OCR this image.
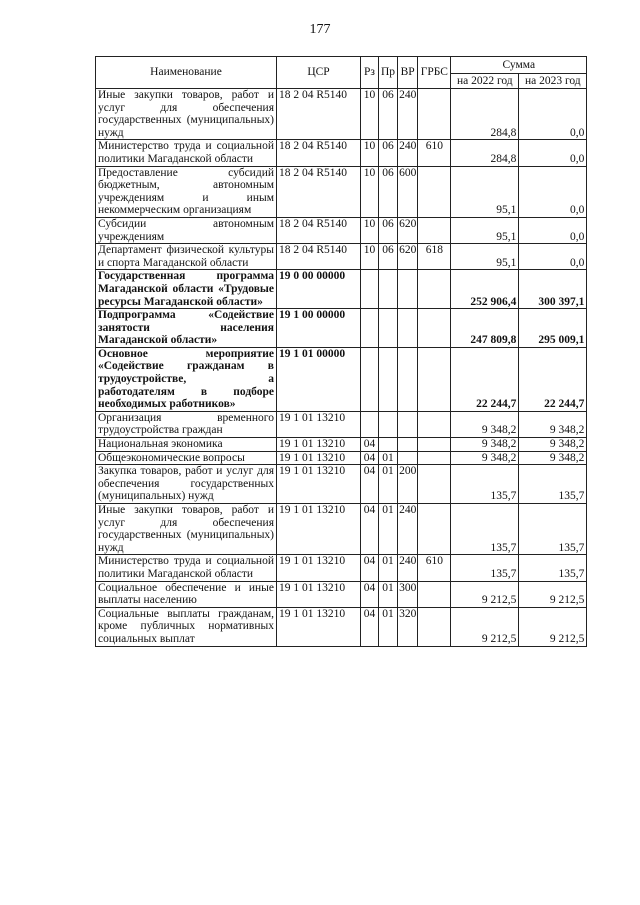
177
Наименование	ЦСР	Рз	Пр	ВР	ГРБС	Сумма	
						на 2022 год	на 2023 год
Иные закупки товаров, работ и услуг для обеспечения государственных (муниципальных) нужд	18 2 04 R5140	10	06	240		284,8	0,0
Министерство труда и социальной политики Магаданской области	18 2 04 R5140	10	06	240	610	284,8	0,0
Предоставление субсидий бюджетным, автономным учреждениям и иным некоммерческим организациям	18 2 04 R5140	10	06	600		95,1	0,0
Субсидии автономным учреждениям	18 2 04 R5140	10	06	620		95,1	0,0
Департамент физической культуры и спорта Магаданской области	18 2 04 R5140	10	06	620	618	95,1	0,0
Государственная программа Магаданской области «Трудовые ресурсы Магаданской области»	19 0 00 00000					252 906,4	300 397,1
Подпрограмма «Содействие занятости населения Магаданской области»	19 1 00 00000					247 809,8	295 009,1
Основное мероприятие «Содействие гражданам в трудоустройстве, а работодателям в подборе необходимых работников»	19 1 01 00000					22 244,7	22 244,7
Организация временного трудоустройства граждан	19 1 01 13210					9 348,2	9 348,2
Национальная экономика	19 1 01 13210	04				9 348,2	9 348,2
Общеэкономические вопросы	19 1 01 13210	04	01			9 348,2	9 348,2
Закупка товаров, работ и услуг для обеспечения государственных (муниципальных) нужд	19 1 01 13210	04	01	200		135,7	135,7
Иные закупки товаров, работ и услуг для обеспечения государственных (муниципальных) нужд	19 1 01 13210	04	01	240		135,7	135,7
Министерство труда и социальной политики Магаданской области	19 1 01 13210	04	01	240	610	135,7	135,7
Социальное обеспечение и иные выплаты населению	19 1 01 13210	04	01	300		9 212,5	9 212,5
Социальные выплаты гражданам, кроме публичных нормативных социальных выплат	19 1 01 13210	04	01	320		9 212,5	9 212,5
